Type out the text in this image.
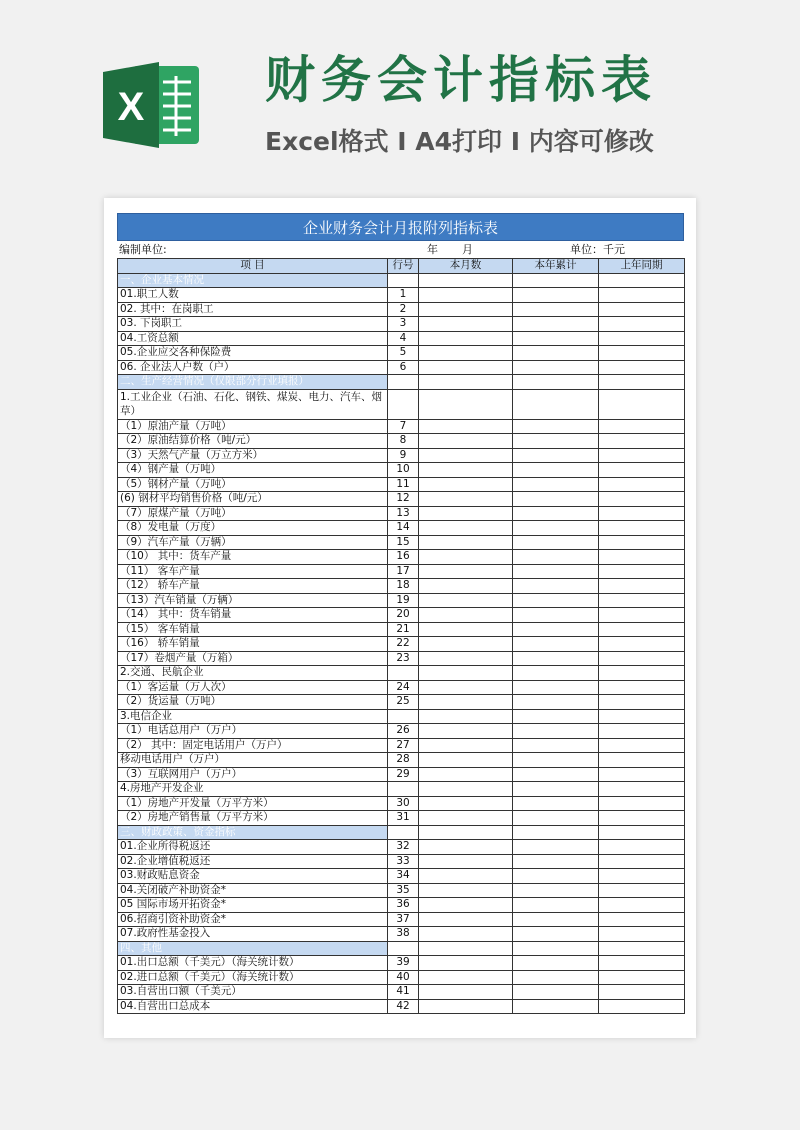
X 财务会计指标表
Excel格式 I A4打印 I 内容可修改
企业财务会计月报附列指标表
编制单位:	年 月	单位：千元
项 目	行号	本月数	本年累计	上年同期
一、企业基本情况				
01.职工人数	1			
02. 其中：在岗职工	2			
03. 下岗职工	3			
04.工资总额	4			
05.企业应交各种保险费	5			
06. 企业法人户数（户）	6			
二、生产经营情况（仅限部分行业填报）				
1.工业企业（石油、石化、钢铁、煤炭、电力、汽车、烟草）				
（1）原油产量（万吨）	7			
（2）原油结算价格（吨/元）	8			
（3）天然气产量（万立方米）	9			
（4）钢产量（万吨）	10			
（5）钢材产量（万吨）	11			
(6) 钢材平均销售价格（吨/元）	12			
（7）原煤产量（万吨）	13			
（8）发电量（万度）	14			
（9）汽车产量（万辆）	15			
（10） 其中：货车产量	16			
（11） 客车产量	17			
（12） 轿车产量	18			
（13）汽车销量（万辆）	19			
（14） 其中：货车销量	20			
（15） 客车销量	21			
（16） 轿车销量	22			
（17）卷烟产量（万箱）	23			
2.交通、民航企业				
（1）客运量（万人次）	24			
（2）货运量（万吨）	25			
3.电信企业				
（1）电话总用户（万户）	26			
（2） 其中：固定电话用户（万户）	27			
移动电话用户（万户）	28			
（3）互联网用户（万户）	29			
4.房地产开发企业				
（1）房地产开发量（万平方米）	30			
（2）房地产销售量（万平方米）	31			
三、财政政策、资金指标				
01.企业所得税返还	32			
02.企业增值税返还	33			
03.财政贴息资金	34			
04.关闭破产补助资金*	35			
05 国际市场开拓资金*	36			
06.招商引资补助资金*	37			
07.政府性基金投入	38			
四、其他				
01.出口总额（千美元）（海关统计数）	39			
02.进口总额（千美元）（海关统计数）	40			
03.自营出口额（千美元）	41			
04.自营出口总成本	42			
